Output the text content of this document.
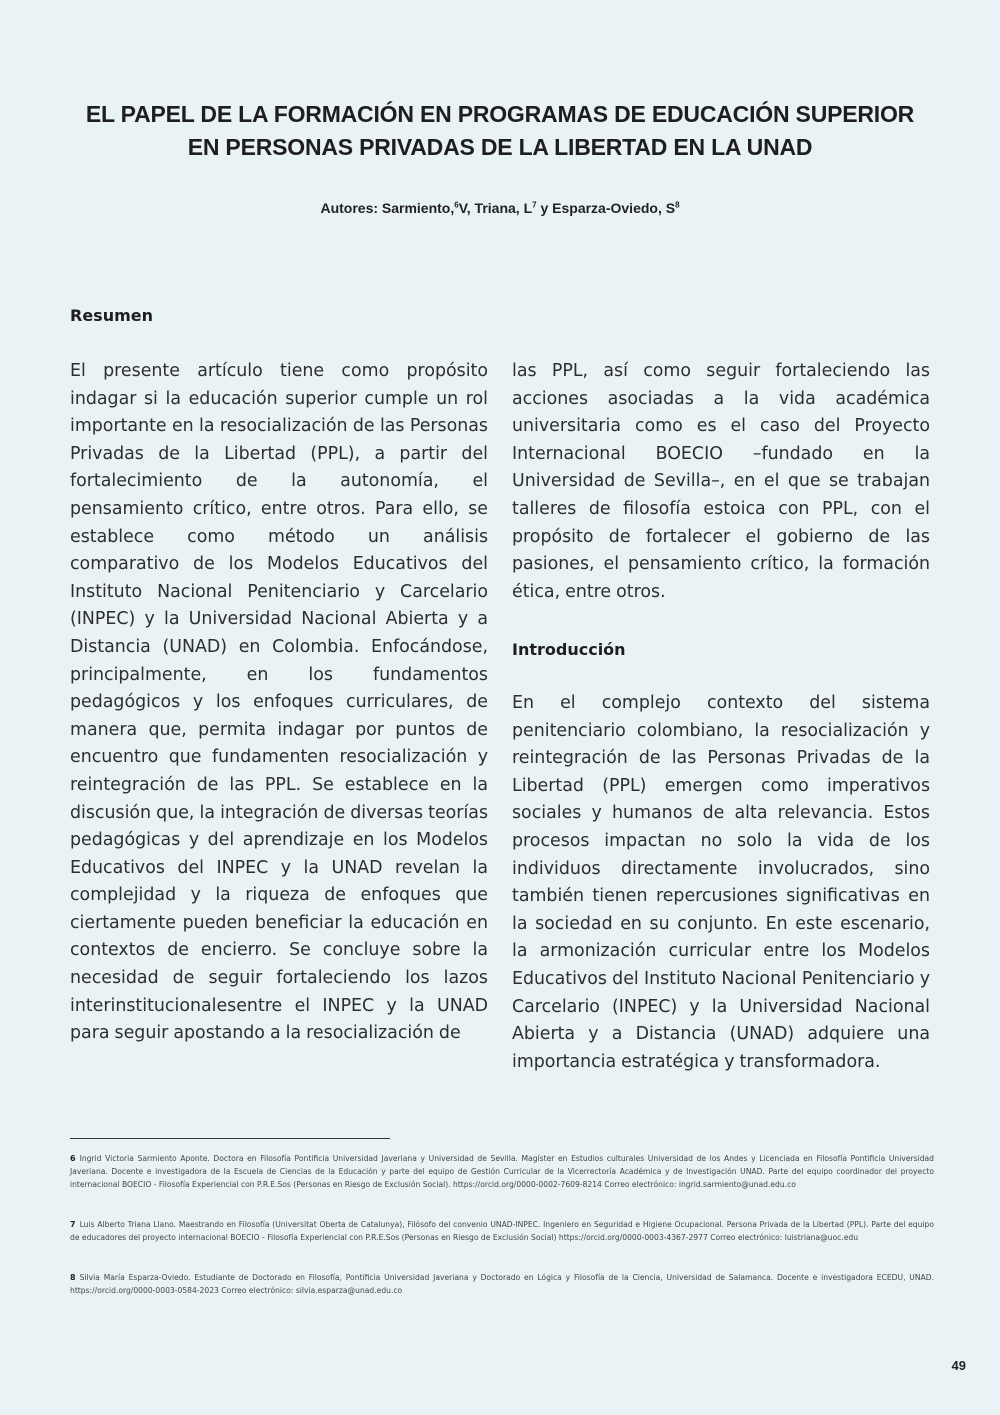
EL PAPEL DE LA FORMACIÓN EN PROGRAMAS DE EDUCACIÓN SUPERIOR
EN PERSONAS PRIVADAS DE LA LIBERTAD EN LA UNAD
Autores: Sarmiento,$^6$V, Triana, $L^7$ y Esparza-Oviedo, $S^8$
Resumen

El presente artículo tiene como propósito indagar si la educación superior cumple un rol importante en la resocialización de las Personas Privadas de la Libertad (PPL), a partir del fortalecimiento de la autonomía, el pensamiento crítico, entre otros. Para ello, se establece como método un análisis comparativo de los Modelos Educativos del Instituto Nacional Penitenciario y Carcelario (INPEC) y la Universidad Nacional Abierta y a Distancia (UNAD) en Colombia. Enfocándose, principalmente, en los fundamentos pedagógicos y los enfoques curriculares, de manera que, permita indagar por puntos de encuentro que fundamenten resocialización y reintegración de las PPL. Se establece en la discusión que, la integración de diversas teorías pedagógicas y del aprendizaje en los Modelos Educativos del INPEC y la UNAD revelan la complejidad y la riqueza de enfoques que ciertamente pueden beneficiar la educación en contextos de encierro. Se concluye sobre la necesidad de seguir fortaleciendo los lazos interinstitucionalesentre el INPEC y la UNAD para seguir apostando a la resocialización de

las PPL, así como seguir fortaleciendo las acciones asociadas a la vida académica universitaria como es el caso del Proyecto Internacional BOECIO –fundado en la Universidad de Sevilla–, en el que se trabajan talleres de filosofía estoica con PPL, con el propósito de fortalecer el gobierno de las pasiones, el pensamiento crítico, la formación ética, entre otros.

Introducción

En el complejo contexto del sistema penitenciario colombiano, la resocialización y reintegración de las Personas Privadas de la Libertad (PPL) emergen como imperativos sociales y humanos de alta relevancia. Estos procesos impactan no solo la vida de los individuos directamente involucrados, sino también tienen repercusiones significativas en la sociedad en su conjunto. En este escenario, la armonización curricular entre los Modelos Educativos del Instituto Nacional Penitenciario y Carcelario (INPEC) y la Universidad Nacional Abierta y a Distancia (UNAD) adquiere una importancia estratégica y transformadora.

6 Ingrid Victoria Sarmiento Aponte. Doctora en Filosofía Pontificia Universidad Javeriana y Universidad de Sevilla. Magíster en Estudios culturales Universidad de los Andes y Licenciada en Filosofía Pontificia Universidad Javeriana. Docente e investigadora de la Escuela de Ciencias de la Educación y parte del equipo de Gestión Curricular de la Vicerrectoría Académica y de Investigación UNAD. Parte del equipo coordinador del proyecto internacional BOECIO - Filosofía Experiencial con P.R.E.Sos (Personas en Riesgo de Exclusión Social). https://orcid.org/0000-0002-7609-8214 Correo electrónico: ingrid.sarmiento@unad.edu.co
7 Luis Alberto Triana Llano. Maestrando en Filosofía (Universitat Oberta de Catalunya), Filósofo del convenio UNAD-INPEC. Ingeniero en Seguridad e Higiene Ocupacional. Persona Privada de la Libertad (PPL). Parte del equipo de educadores del proyecto internacional BOECIO - Filosofía Experiencial con P.R.E.Sos (Personas en Riesgo de Exclusión Social) https://orcid.org/0000-0003-4367-2977 Correo electrónico: luistriana@uoc.edu
8 Silvia María Esparza-Oviedo. Estudiante de Doctorado en Filosofía, Pontificia Universidad Javeriana y Doctorado en Lógica y Filosofía de la Ciencia, Universidad de Salamanca. Docente e investigadora ECEDU, UNAD. https://orcid.org/0000-0003-0584-2023 Correo electrónico: silvia.esparza@unad.edu.co
49
